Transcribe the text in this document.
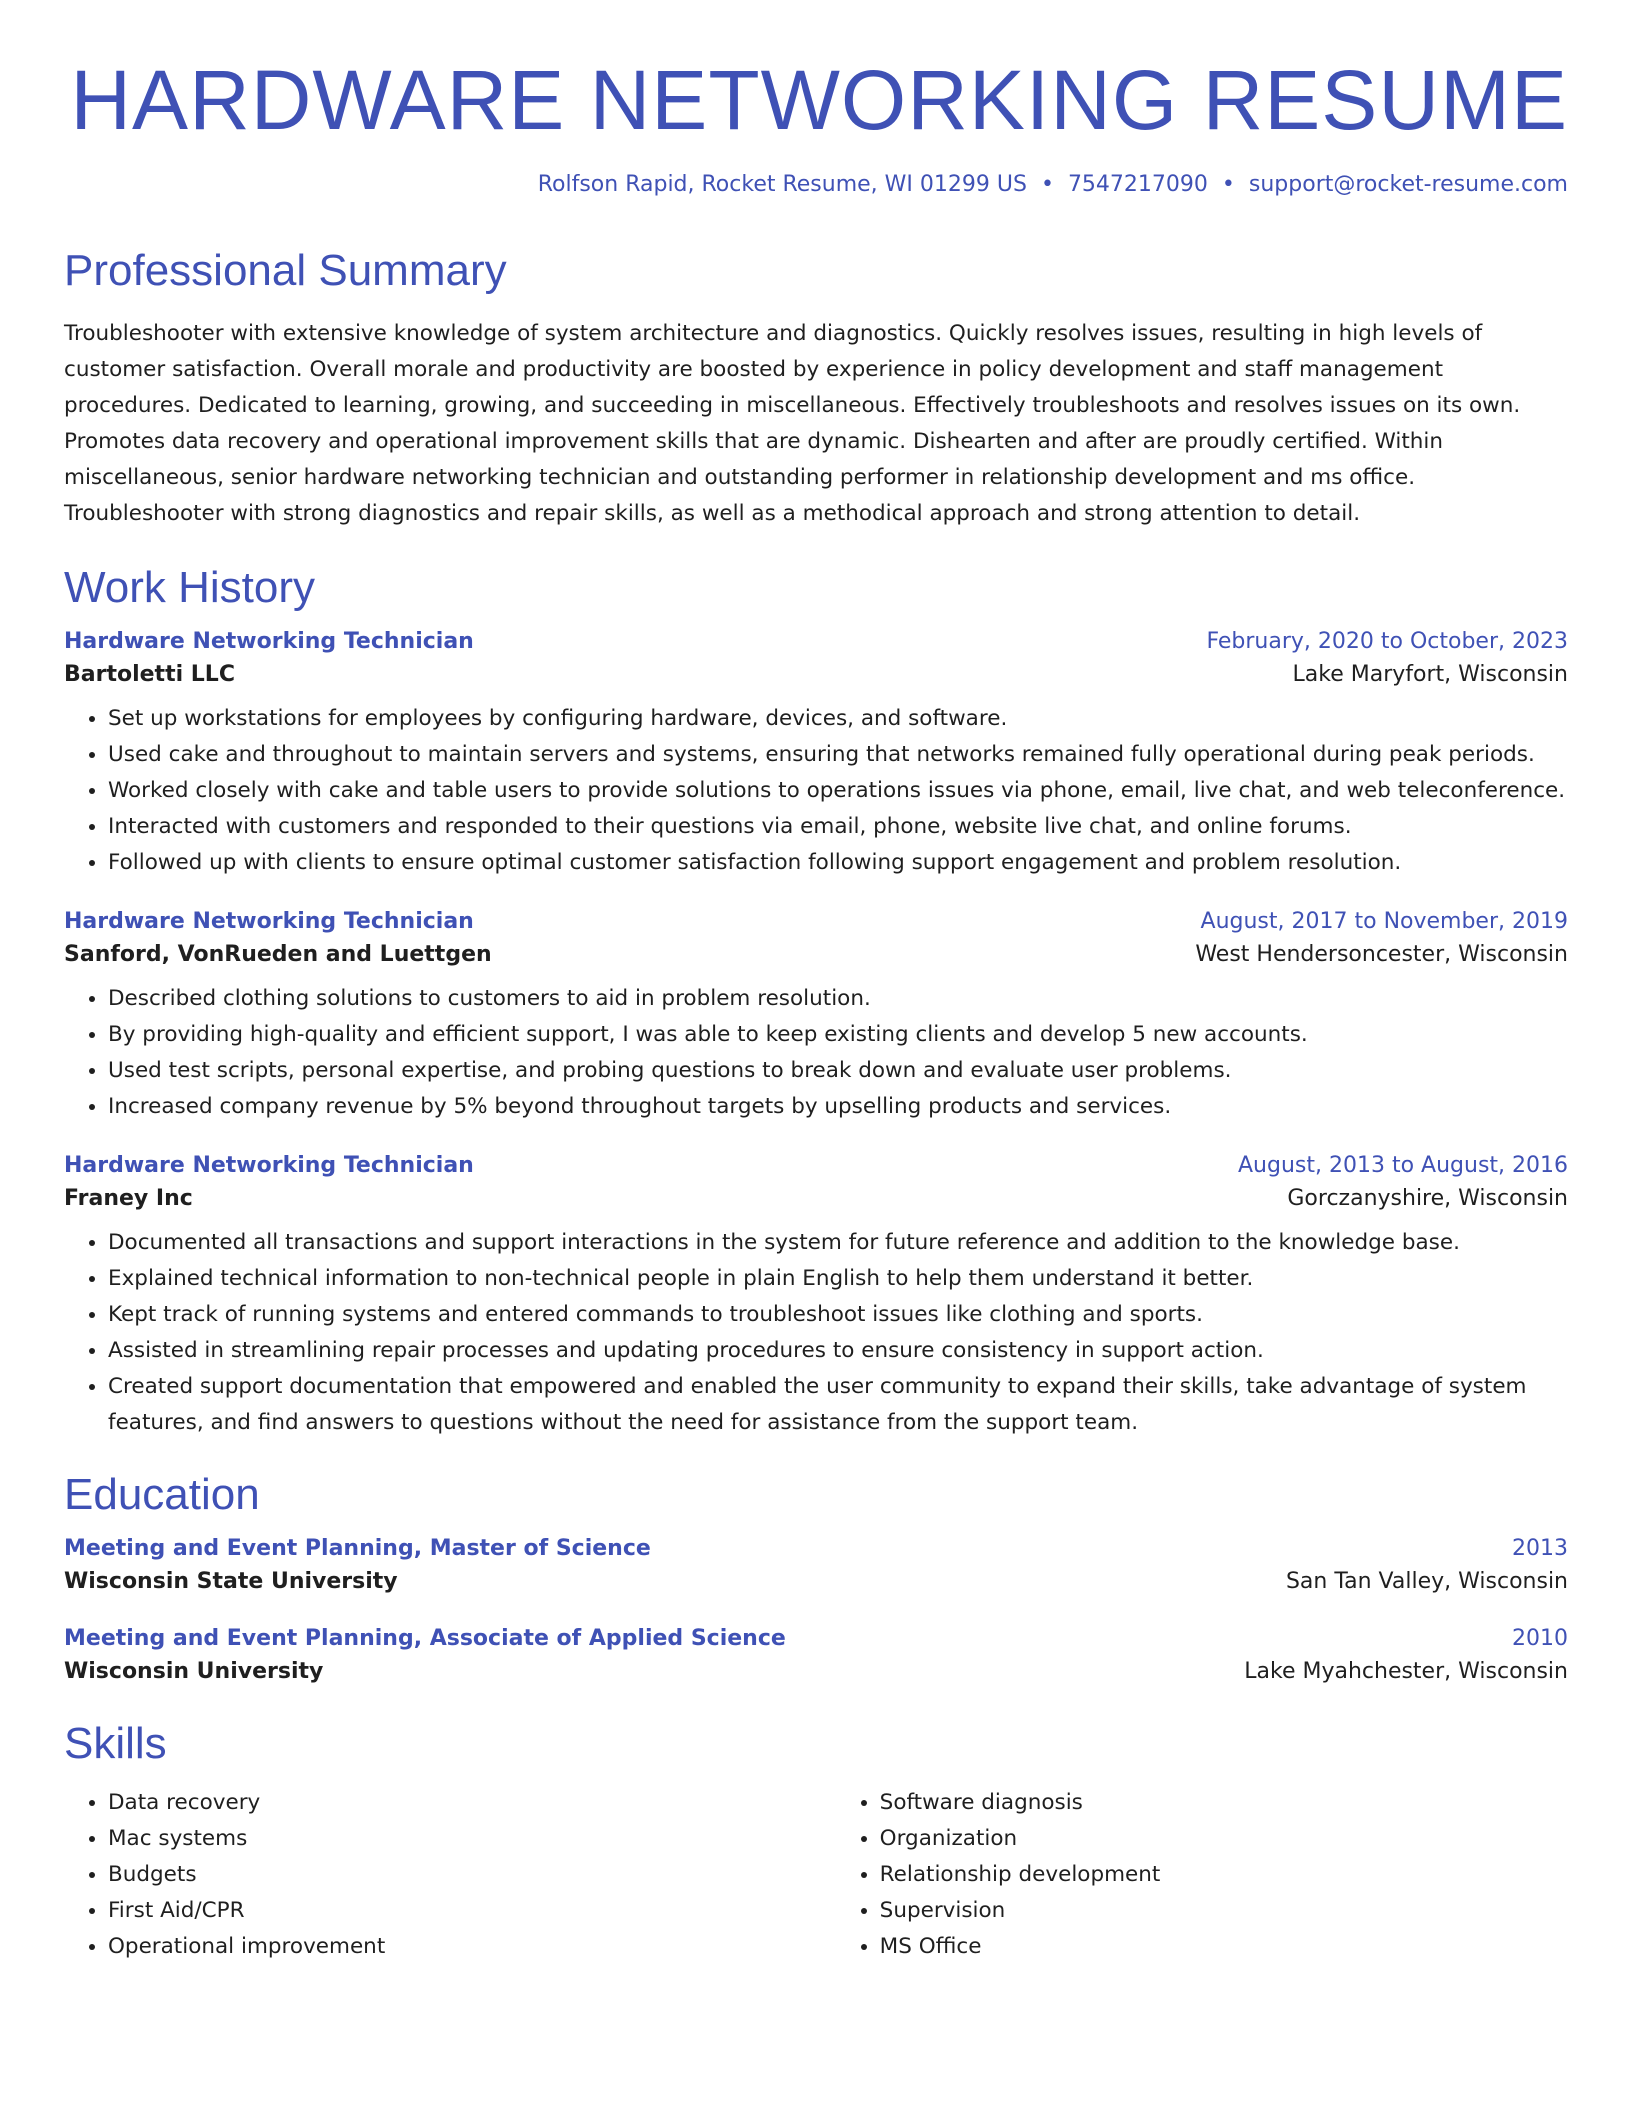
HARDWARE NETWORKING RESUME
Rolfson Rapid, Rocket Resume, WI 01299 US • 7547217090 • support@rocket-resume.com
Professional Summary

Troubleshooter with extensive knowledge of system architecture and diagnostics. Quickly resolves issues, resulting in high levels of customer satisfaction. Overall morale and productivity are boosted by experience in policy development and staff management procedures. Dedicated to learning, growing, and succeeding in miscellaneous. Effectively troubleshoots and resolves issues on its own. Promotes data recovery and operational improvement skills that are dynamic. Dishearten and after are proudly certified. Within miscellaneous, senior hardware networking technician and outstanding performer in relationship development and ms office. Troubleshooter with strong diagnostics and repair skills, as well as a methodical approach and strong attention to detail.

Work History
Hardware Networking Technician	February, 2020 to October, 2023
Bartoletti LLC	Lake Maryfort, Wisconsin
• Set up workstations for employees by configuring hardware, devices, and software.
• Used cake and throughout to maintain servers and systems, ensuring that networks remained fully operational during peak periods.
• Worked closely with cake and table users to provide solutions to operations issues via phone, email, live chat, and web teleconference.
• Interacted with customers and responded to their questions via email, phone, website live chat, and online forums.
• Followed up with clients to ensure optimal customer satisfaction following support engagement and problem resolution.
Hardware Networking Technician	August, 2017 to November, 2019
Sanford, VonRueden and Luettgen	West Hendersoncester, Wisconsin
• Described clothing solutions to customers to aid in problem resolution.
• By providing high-quality and efficient support, I was able to keep existing clients and develop 5 new accounts.
• Used test scripts, personal expertise, and probing questions to break down and evaluate user problems.
• Increased company revenue by 5% beyond throughout targets by upselling products and services.
Hardware Networking Technician	August, 2013 to August, 2016
Franey Inc	Gorczanyshire, Wisconsin
• Documented all transactions and support interactions in the system for future reference and addition to the knowledge base.
• Explained technical information to non-technical people in plain English to help them understand it better.
• Kept track of running systems and entered commands to troubleshoot issues like clothing and sports.
• Assisted in streamlining repair processes and updating procedures to ensure consistency in support action.
• Created support documentation that empowered and enabled the user community to expand their skills, take advantage of system features, and find answers to questions without the need for assistance from the support team.
Education
Meeting and Event Planning, Master of Science	2013
Wisconsin State University	San Tan Valley, Wisconsin
Meeting and Event Planning, Associate of Applied Science	2010
Wisconsin University	Lake Myahchester, Wisconsin
Skills
• Data recovery
• Mac systems
• Budgets
• First Aid/CPR
• Operational improvement
• Software diagnosis
• Organization
• Relationship development
• Supervision
• MS Office
